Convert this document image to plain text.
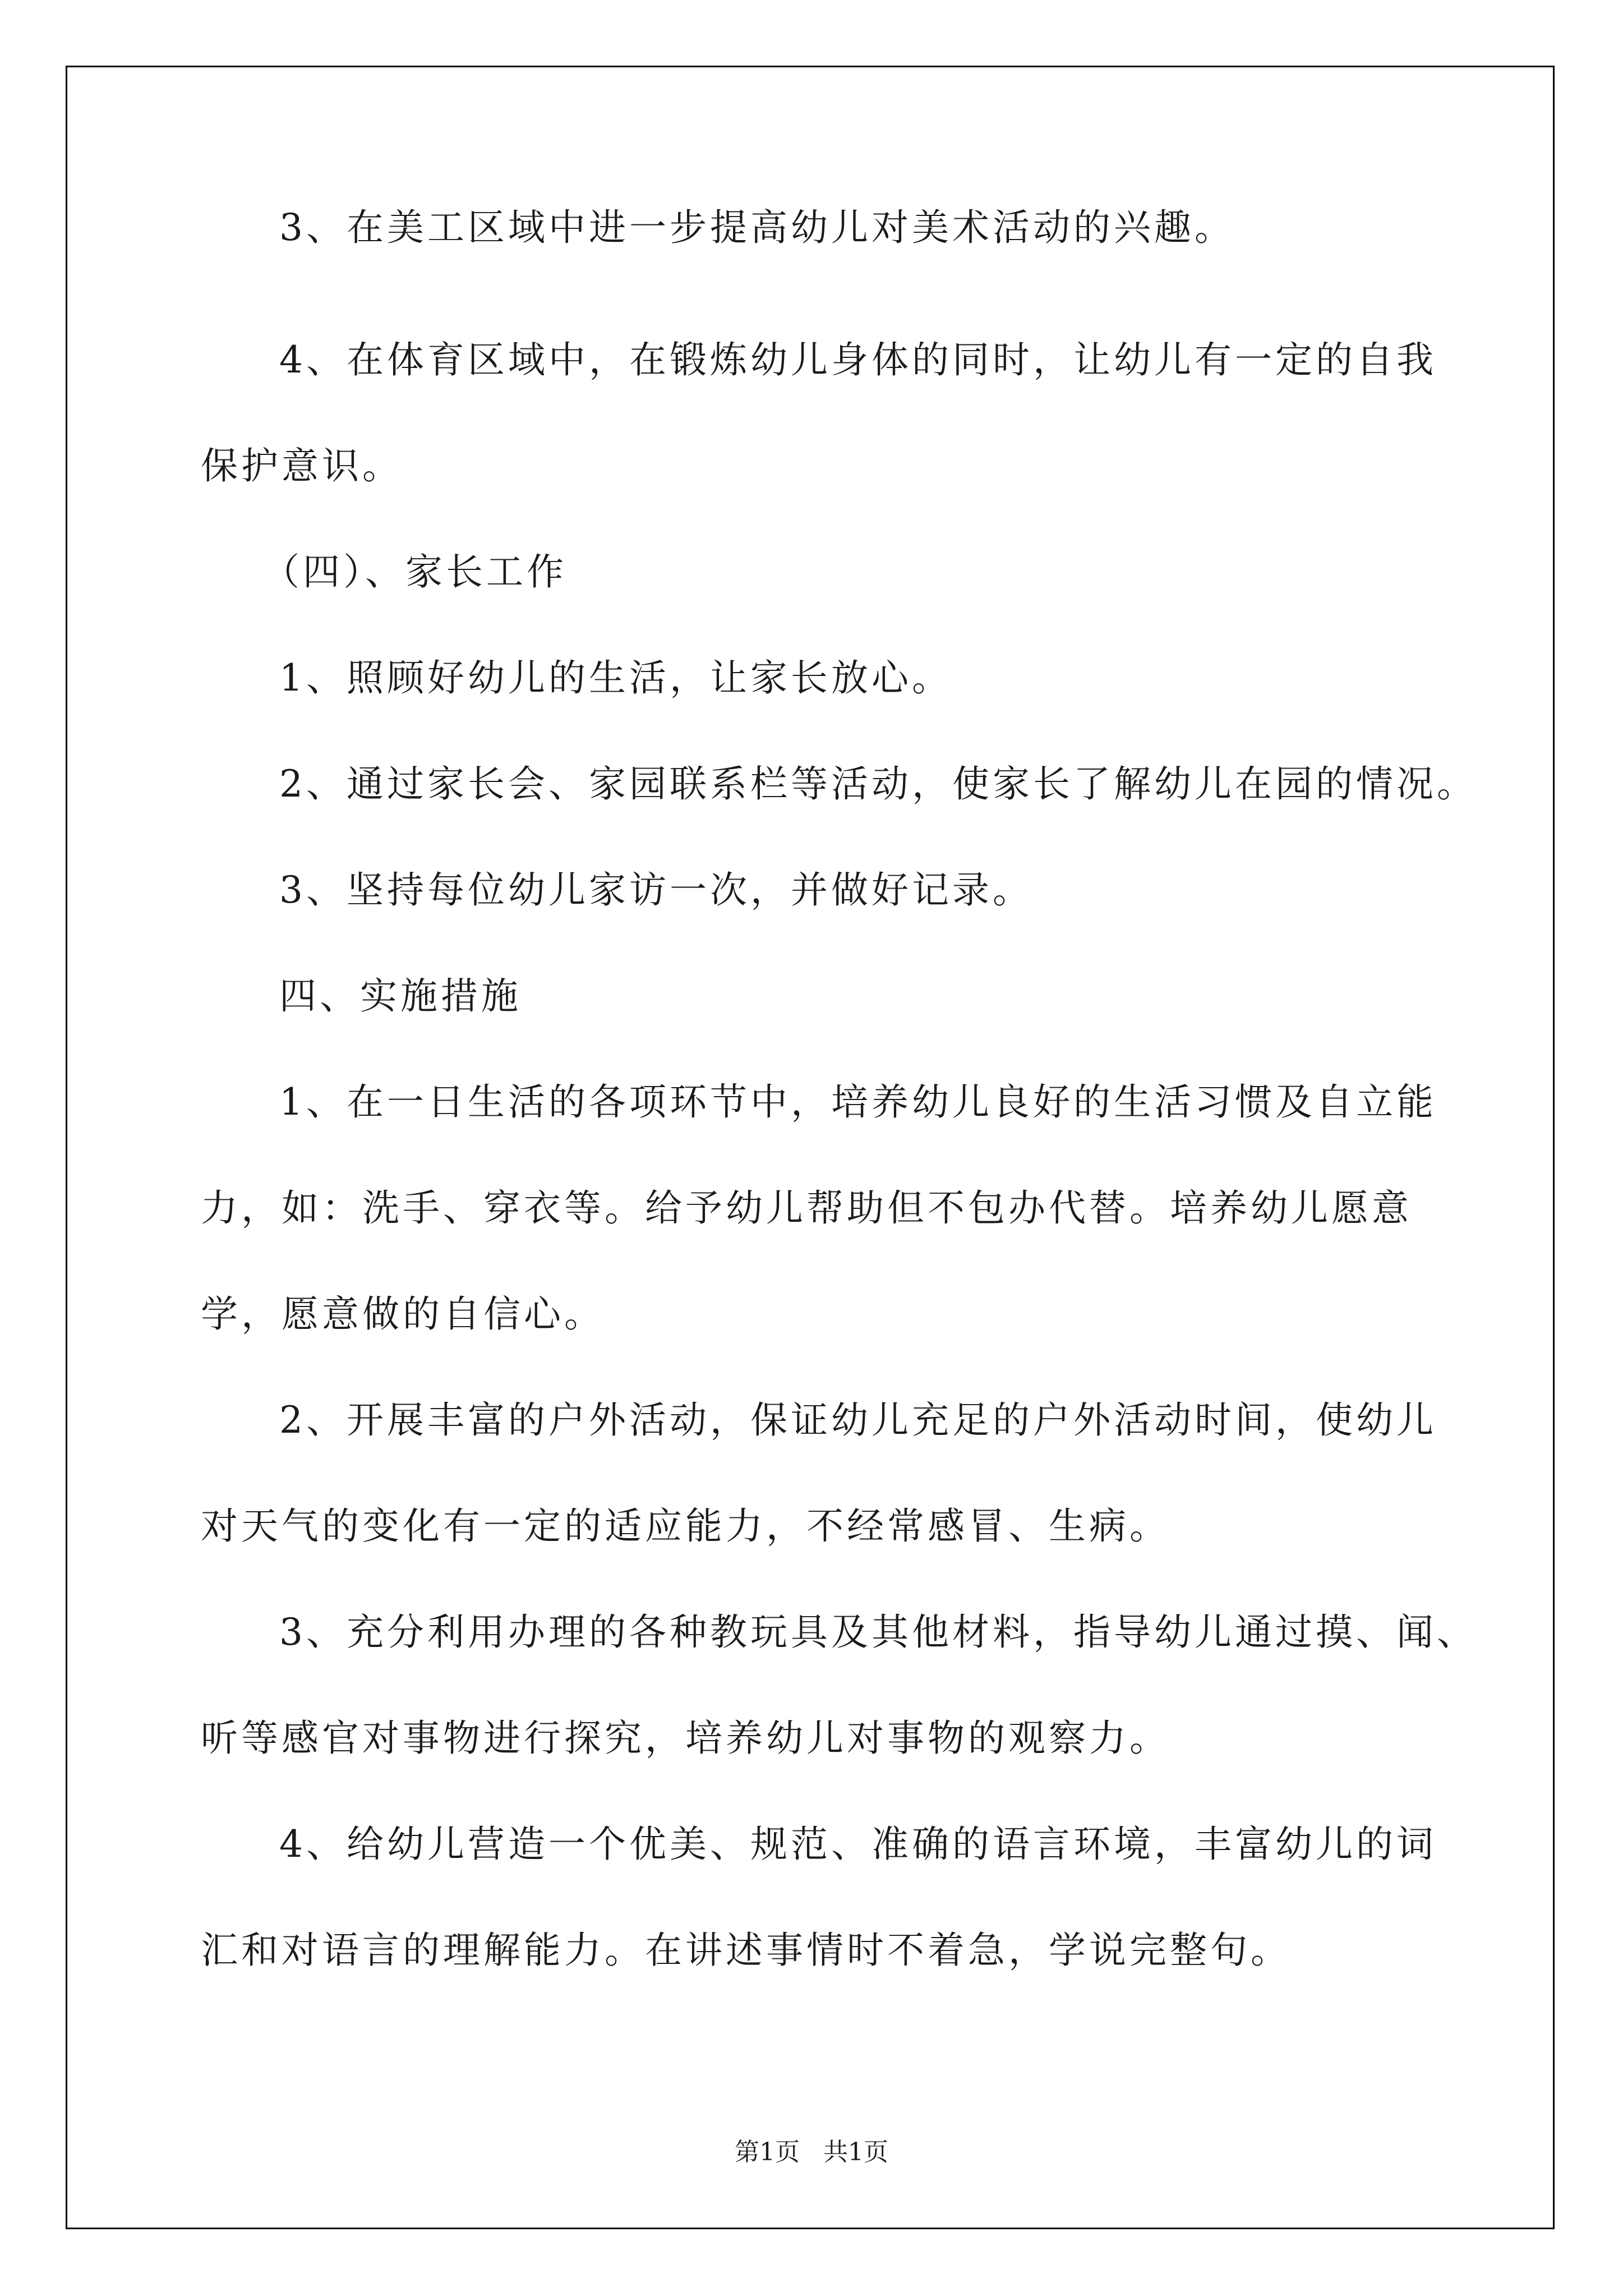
3、在美工区域中进一步提高幼儿对美术活动的兴趣。
4、在体育区域中，在锻炼幼儿身体的同时，让幼儿有一定的自我
保护意识。
（四）、家长工作
1、照顾好幼儿的生活，让家长放心。
2、通过家长会、家园联系栏等活动，使家长了解幼儿在园的情况。
3、坚持每位幼儿家访一次，并做好记录。
四、实施措施
1、在一日生活的各项环节中，培养幼儿良好的生活习惯及自立能
力，如：洗手、穿衣等。给予幼儿帮助但不包办代替。培养幼儿愿意
学，愿意做的自信心。
2、开展丰富的户外活动，保证幼儿充足的户外活动时间，使幼儿
对天气的变化有一定的适应能力，不经常感冒、生病。
3、充分利用办理的各种教玩具及其他材料，指导幼儿通过摸、闻、
听等感官对事物进行探究，培养幼儿对事物的观察力。
4、给幼儿营造一个优美、规范、准确的语言环境，丰富幼儿的词
汇和对语言的理解能力。在讲述事情时不着急，学说完整句。
第1页   共1页
